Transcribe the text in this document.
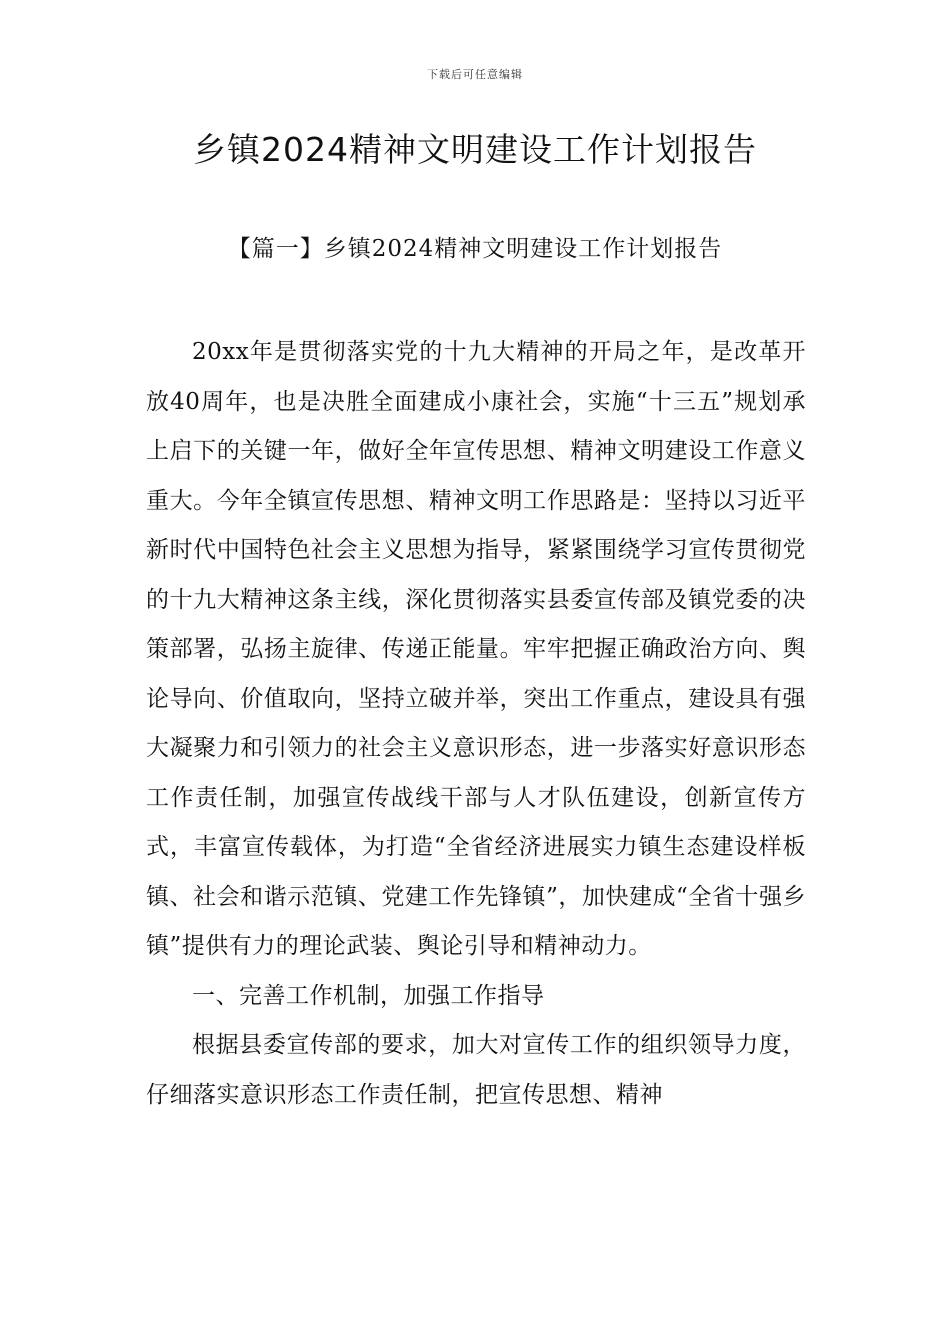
下载后可任意编辑
乡镇2024精神文明建设工作计划报告
【篇一】乡镇2024精神文明建设工作计划报告

20xx年是贯彻落实党的十九大精神的开局之年，是改革开放40周年，也是决胜全面建成小康社会，实施“十三五”规划承上启下的关键一年，做好全年宣传思想、精神文明建设工作意义重大。今年全镇宣传思想、精神文明工作思路是：坚持以习近平新时代中国特色社会主义思想为指导，紧紧围绕学习宣传贯彻党的十九大精神这条主线，深化贯彻落实县委宣传部及镇党委的决策部署，弘扬主旋律、传递正能量。牢牢把握正确政治方向、舆论导向、价值取向，坚持立破并举，突出工作重点，建设具有强大凝聚力和引领力的社会主义意识形态，进一步落实好意识形态工作责任制，加强宣传战线干部与人才队伍建设，创新宣传方式，丰富宣传载体，为打造“全省经济进展实力镇生态建设样板镇、社会和谐示范镇、党建工作先锋镇”，加快建成“全省十强乡镇”提供有力的理论武装、舆论引导和精神动力。

一、完善工作机制，加强工作指导

根据县委宣传部的要求，加大对宣传工作的组织领导力度，仔细落实意识形态工作责任制，把宣传思想、精神
